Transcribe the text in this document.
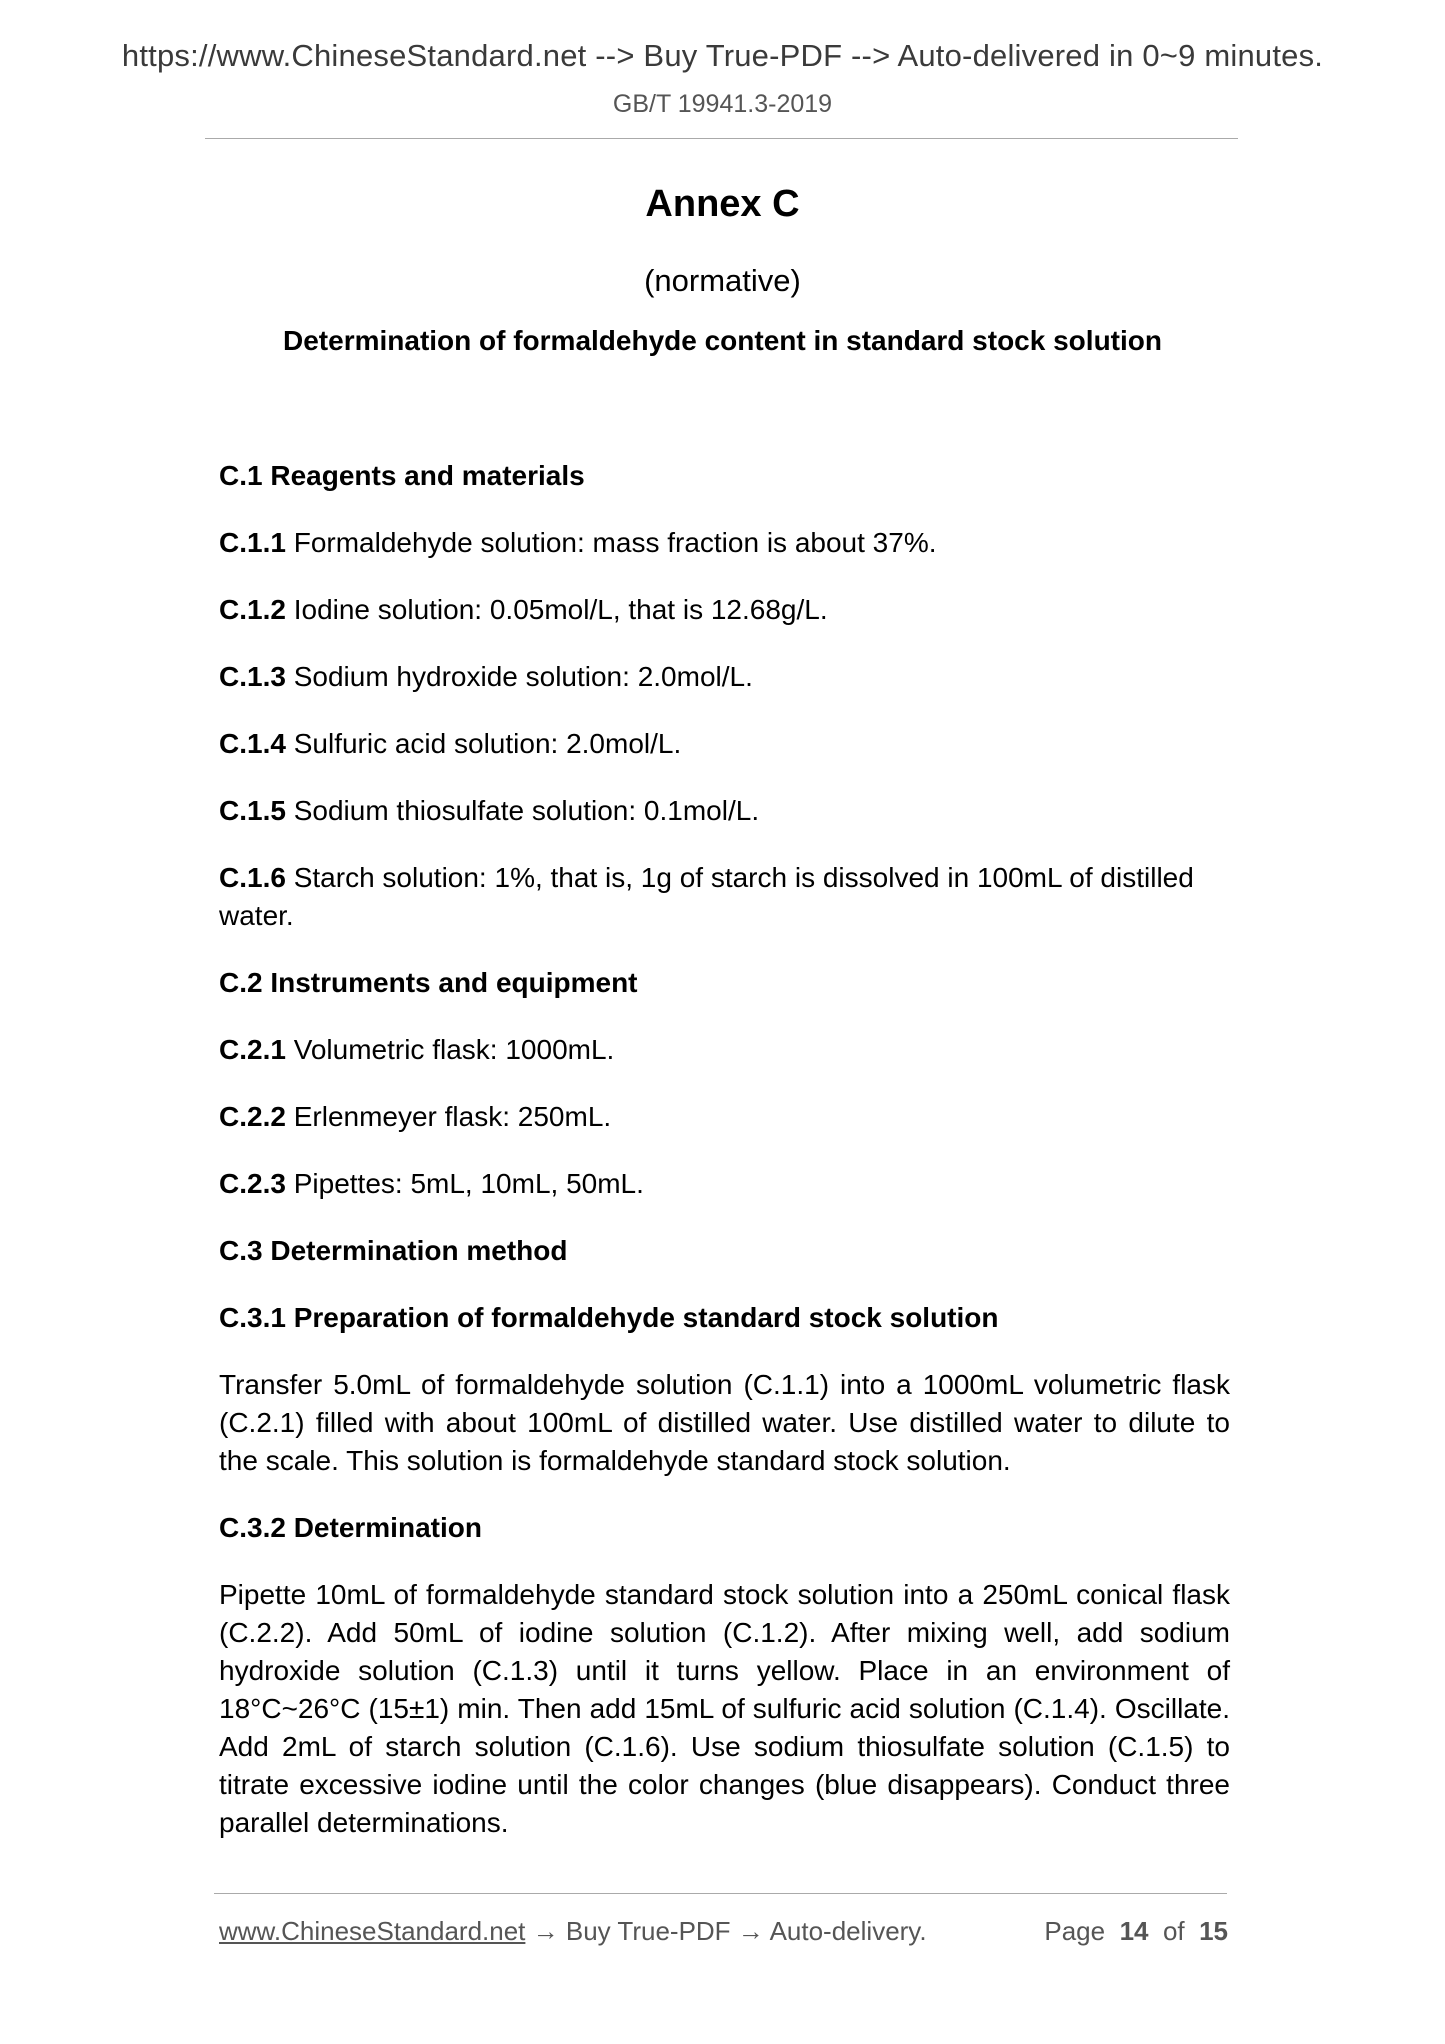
https://www.ChineseStandard.net --> Buy True-PDF --> Auto-delivered in 0~9 minutes.
GB/T 19941.3-2019
Annex C
(normative)
Determination of formaldehyde content in standard stock solution

C.1 Reagents and materials

C.1.1 Formaldehyde solution: mass fraction is about 37%.

C.1.2 Iodine solution: 0.05mol/L, that is 12.68g/L.

C.1.3 Sodium hydroxide solution: 2.0mol/L.

C.1.4 Sulfuric acid solution: 2.0mol/L.

C.1.5 Sodium thiosulfate solution: 0.1mol/L.

C.1.6 Starch solution: 1%, that is, 1g of starch is dissolved in 100mL of distilled water.

C.2 Instruments and equipment

C.2.1 Volumetric flask: 1000mL.

C.2.2 Erlenmeyer flask: 250mL.

C.2.3 Pipettes: 5mL, 10mL, 50mL.

C.3 Determination method

C.3.1 Preparation of formaldehyde standard stock solution

Transfer 5.0mL of formaldehyde solution (C.1.1) into a 1000mL volumetric flask (C.2.1) filled with about 100mL of distilled water. Use distilled water to dilute to the scale. This solution is formaldehyde standard stock solution.

C.3.2 Determination

Pipette 10mL of formaldehyde standard stock solution into a 250mL conical flask (C.2.2). Add 50mL of iodine solution (C.1.2). After mixing well, add sodium hydroxide solution (C.1.3) until it turns yellow. Place in an environment of 18°C~26°C (15±1) min. Then add 15mL of sulfuric acid solution (C.1.4). Oscillate. Add 2mL of starch solution (C.1.6). Use sodium thiosulfate solution (C.1.5) to titrate excessive iodine until the color changes (blue disappears). Conduct three parallel determinations.

www.ChineseStandard.net → Buy True-PDF → Auto-delivery.	Page 14 of 15
